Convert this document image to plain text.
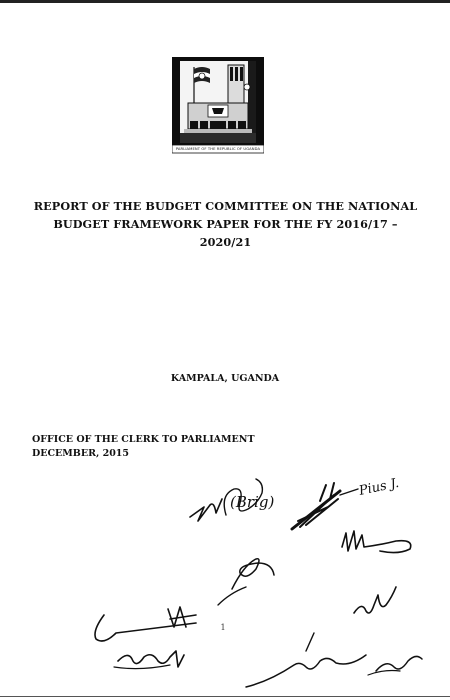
PARLIAMENT OF THE REPUBLIC OF UGANDA
REPORT OF THE BUDGET COMMITTEE ON THE NATIONAL
BUDGET FRAMEWORK PAPER FOR THE FY 2016/17 – 2020/21
KAMPALA, UGANDA
OFFICE OF THE CLERK TO PARLIAMENT
DECEMBER, 2015
(Brig)
Pius J.
1
